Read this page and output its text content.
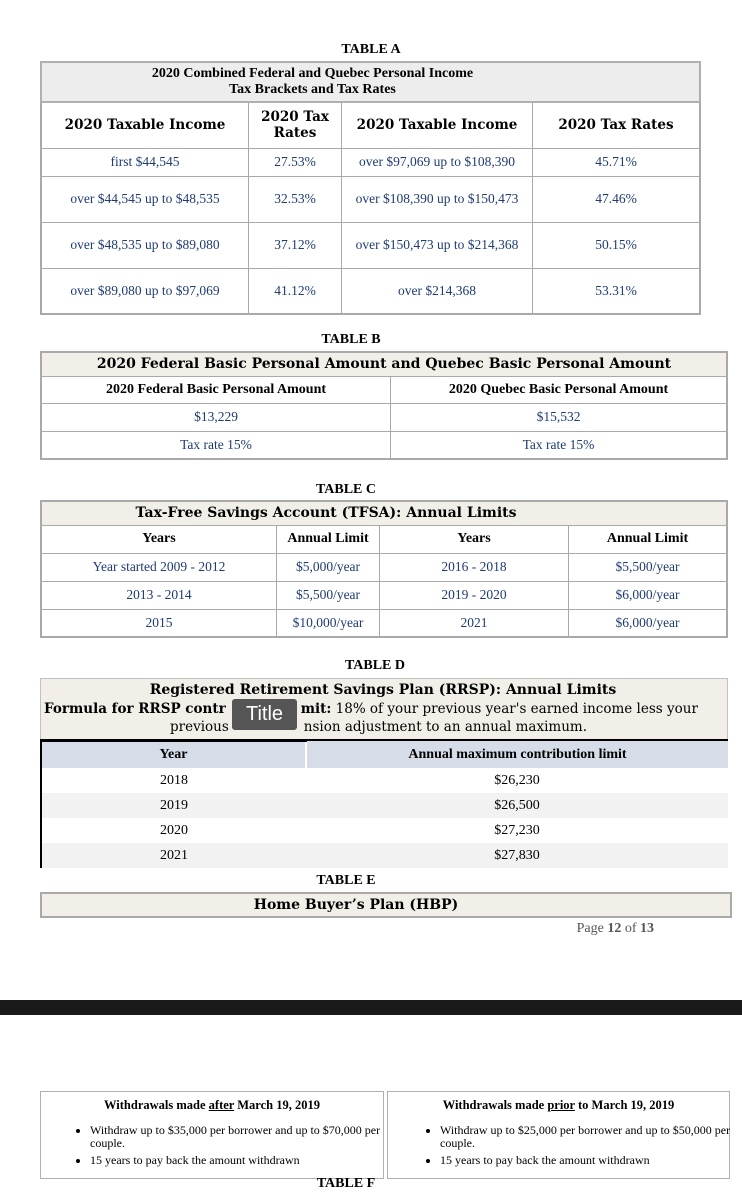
TABLE A
2020 Combined Federal and Quebec Personal Income
Tax Brackets and Tax Rates			

2020 Taxable Income	2020 Tax Rates	2020 Taxable Income	2020 Tax Rates
first $44,545	27.53%	over $97,069 up to $108,390	45.71%
over $44,545 up to $48,535	32.53%	over $108,390 up to $150,473	47.46%
over $48,535 up to $89,080	37.12%	over $150,473 up to $214,368	50.15%
over $89,080 up to $97,069	41.12%	over $214,368	53.31%
TABLE B
2020 Federal Basic Personal Amount and Quebec Basic Personal Amount	
2020 Federal Basic Personal Amount	2020 Quebec Basic Personal Amount
$13,229	$15,532
Tax rate 15%	Tax rate 15%
TABLE C
Tax-Free Savings Account (TFSA): Annual Limits			
Years	Annual Limit	Years	Annual Limit
Year started 2009 - 2012	$5,000/year	2016 - 2018	$5,500/year
2013 - 2014	$5,500/year	2019 - 2020	$6,000/year
2015	$10,000/year	2021	$6,000/year
TABLE D
Registered Retirement Savings Plan (RRSP): Annual Limits
Formula for RRSP contr	mit: 18% of your previous year's earned income less your
previous	nsion adjustment to an annual maximum.
Year	Annual maximum contribution limit
2018	$26,230
2019	$26,500
2020	$27,230
2021	$27,830
Title
TABLE E
Home Buyer’s Plan (HBP)
Page 12 of 13
Withdrawals made after March 19, 2019
• Withdraw up to $35,000 per borrower and up to $70,000 per couple.
• 15 years to pay back the amount withdrawn
Withdrawals made prior to March 19, 2019
• Withdraw up to $25,000 per borrower and up to $50,000 per couple.
• 15 years to pay back the amount withdrawn
TABLE F
